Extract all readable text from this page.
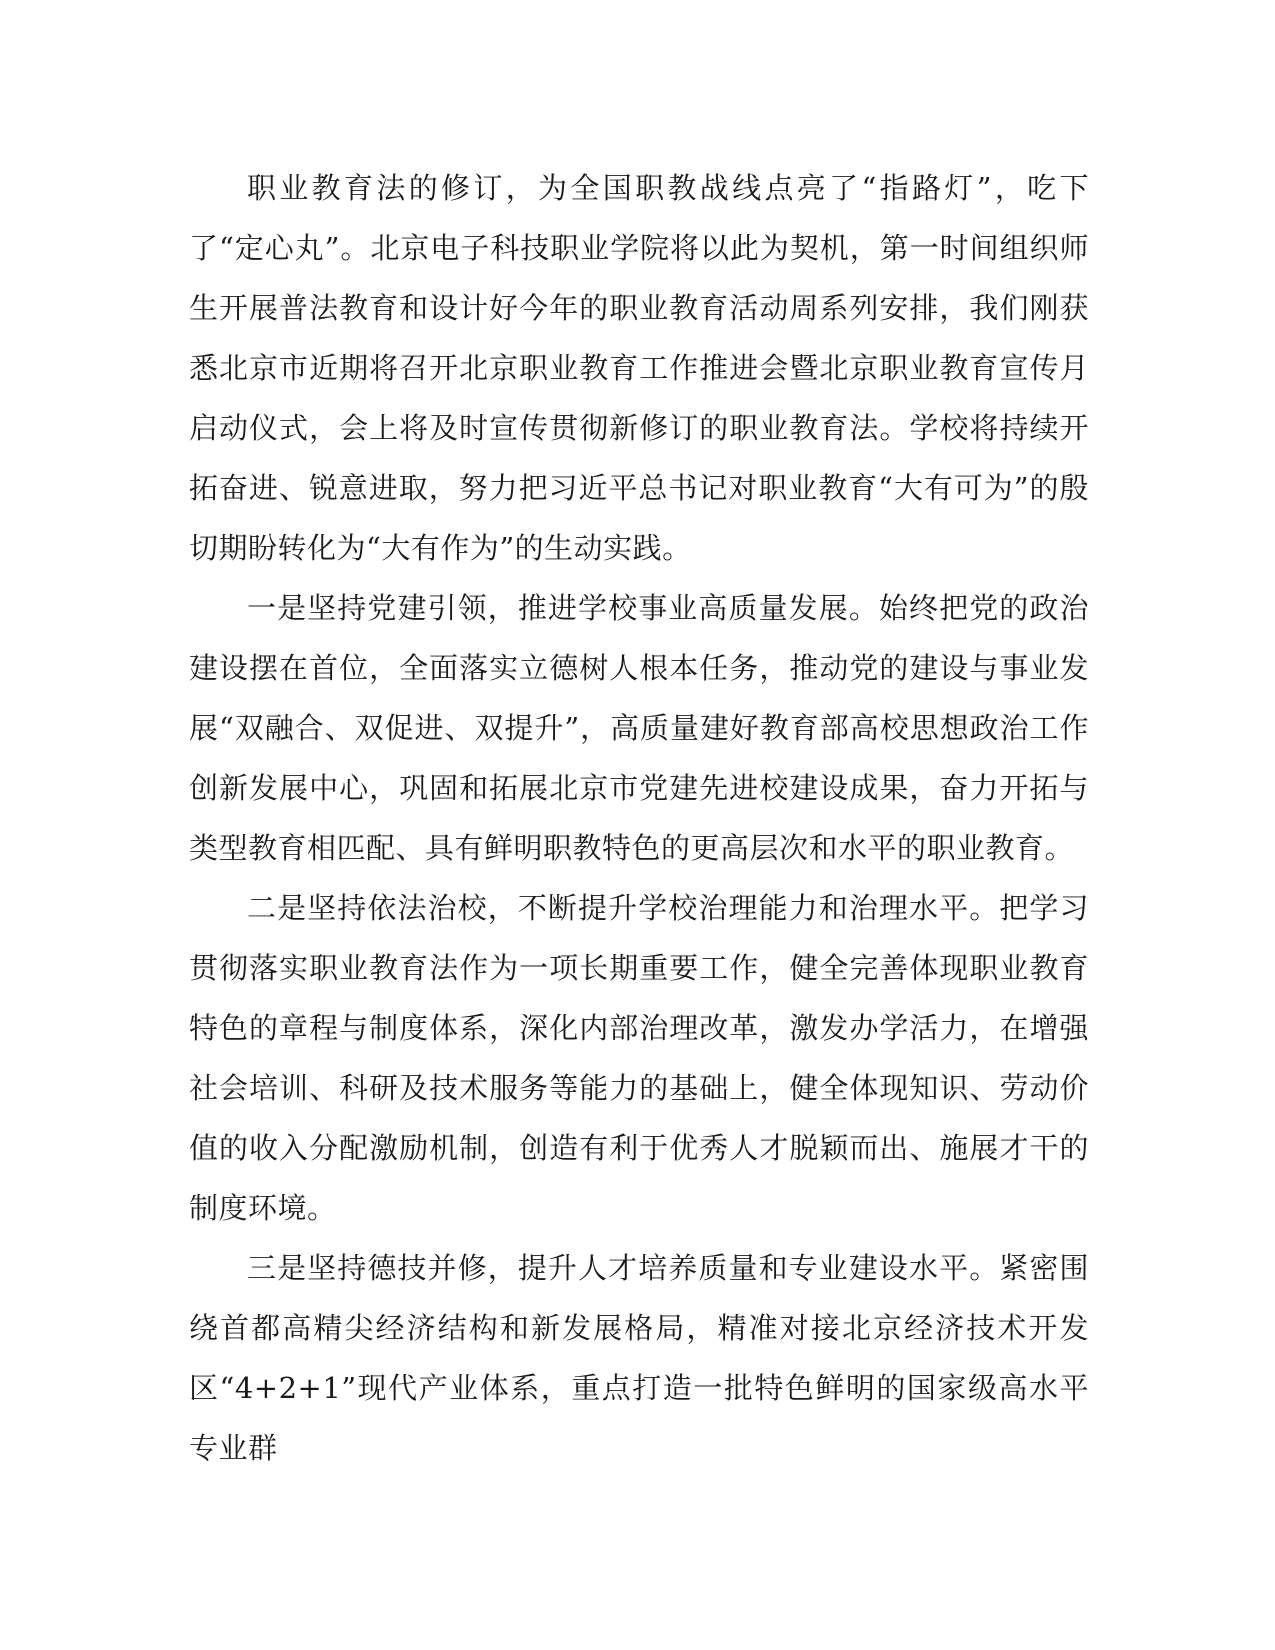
职业教育法的修订，为全国职教战线点亮了“指路灯”，吃下了“定心丸”。北京电子科技职业学院将以此为契机，第一时间组织师生开展普法教育和设计好今年的职业教育活动周系列安排，我们刚获悉北京市近期将召开北京职业教育工作推进会暨北京职业教育宣传月启动仪式，会上将及时宣传贯彻新修订的职业教育法。学校将持续开拓奋进、锐意进取，努力把习近平总书记对职业教育“大有可为”的殷切期盼转化为“大有作为”的生动实践。

一是坚持党建引领，推进学校事业高质量发展。始终把党的政治建设摆在首位，全面落实立德树人根本任务，推动党的建设与事业发展“双融合、双促进、双提升”，高质量建好教育部高校思想政治工作创新发展中心，巩固和拓展北京市党建先进校建设成果，奋力开拓与类型教育相匹配、具有鲜明职教特色的更高层次和水平的职业教育。

二是坚持依法治校，不断提升学校治理能力和治理水平。把学习贯彻落实职业教育法作为一项长期重要工作，健全完善体现职业教育特色的章程与制度体系，深化内部治理改革，激发办学活力，在增强社会培训、科研及技术服务等能力的基础上，健全体现知识、劳动价值的收入分配激励机制，创造有利于优秀人才脱颖而出、施展才干的制度环境。

三是坚持德技并修，提升人才培养质量和专业建设水平。紧密围绕首都高精尖经济结构和新发展格局，精准对接北京经济技术开发区“4+2+1”现代产业体系，重点打造一批特色鲜明的国家级高水平专业群
